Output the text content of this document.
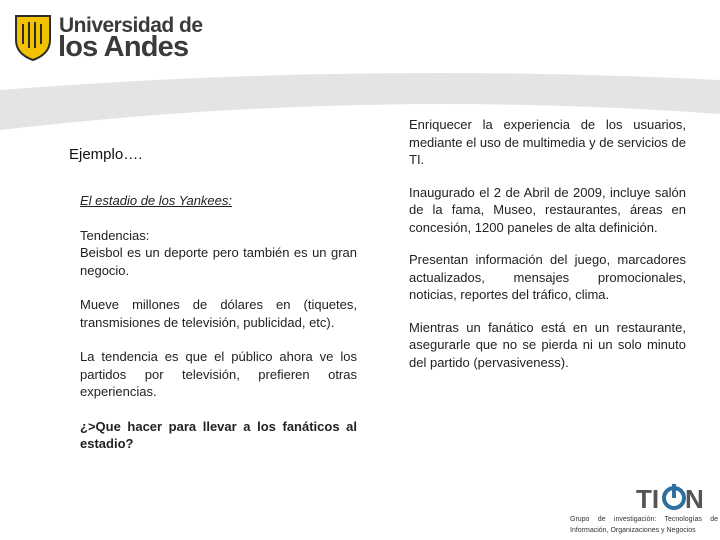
Universidad de
los Andes
Ejemplo….

El estadio de los Yankees:

Tendencias:

Beisbol es un deporte pero también es un gran negocio.

Mueve millones de dólares en (tiquetes, transmisiones de televisión, publicidad, etc).

La tendencia es que el público ahora ve los partidos por televisión, prefieren otras experiencias.

¿>Que hacer para llevar a los fanáticos al estadio?

Enriquecer la experiencia de los usuarios, mediante el uso de multimedia y de servicios de TI.

Inaugurado el 2 de Abril de 2009, incluye salón de la fama, Museo, restaurantes, áreas en concesión, 1200 paneles de alta definición.

Presentan información del juego, marcadores actualizados, mensajes promocionales, noticias, reportes del tráfico, clima.

Mientras un fanático está en un restaurante, asegurarle que no se pierda ni un solo minuto del partido (pervasiveness).

TI N
Grupo de investigación: Tecnologías de Información, Organizaciones y Negocios
